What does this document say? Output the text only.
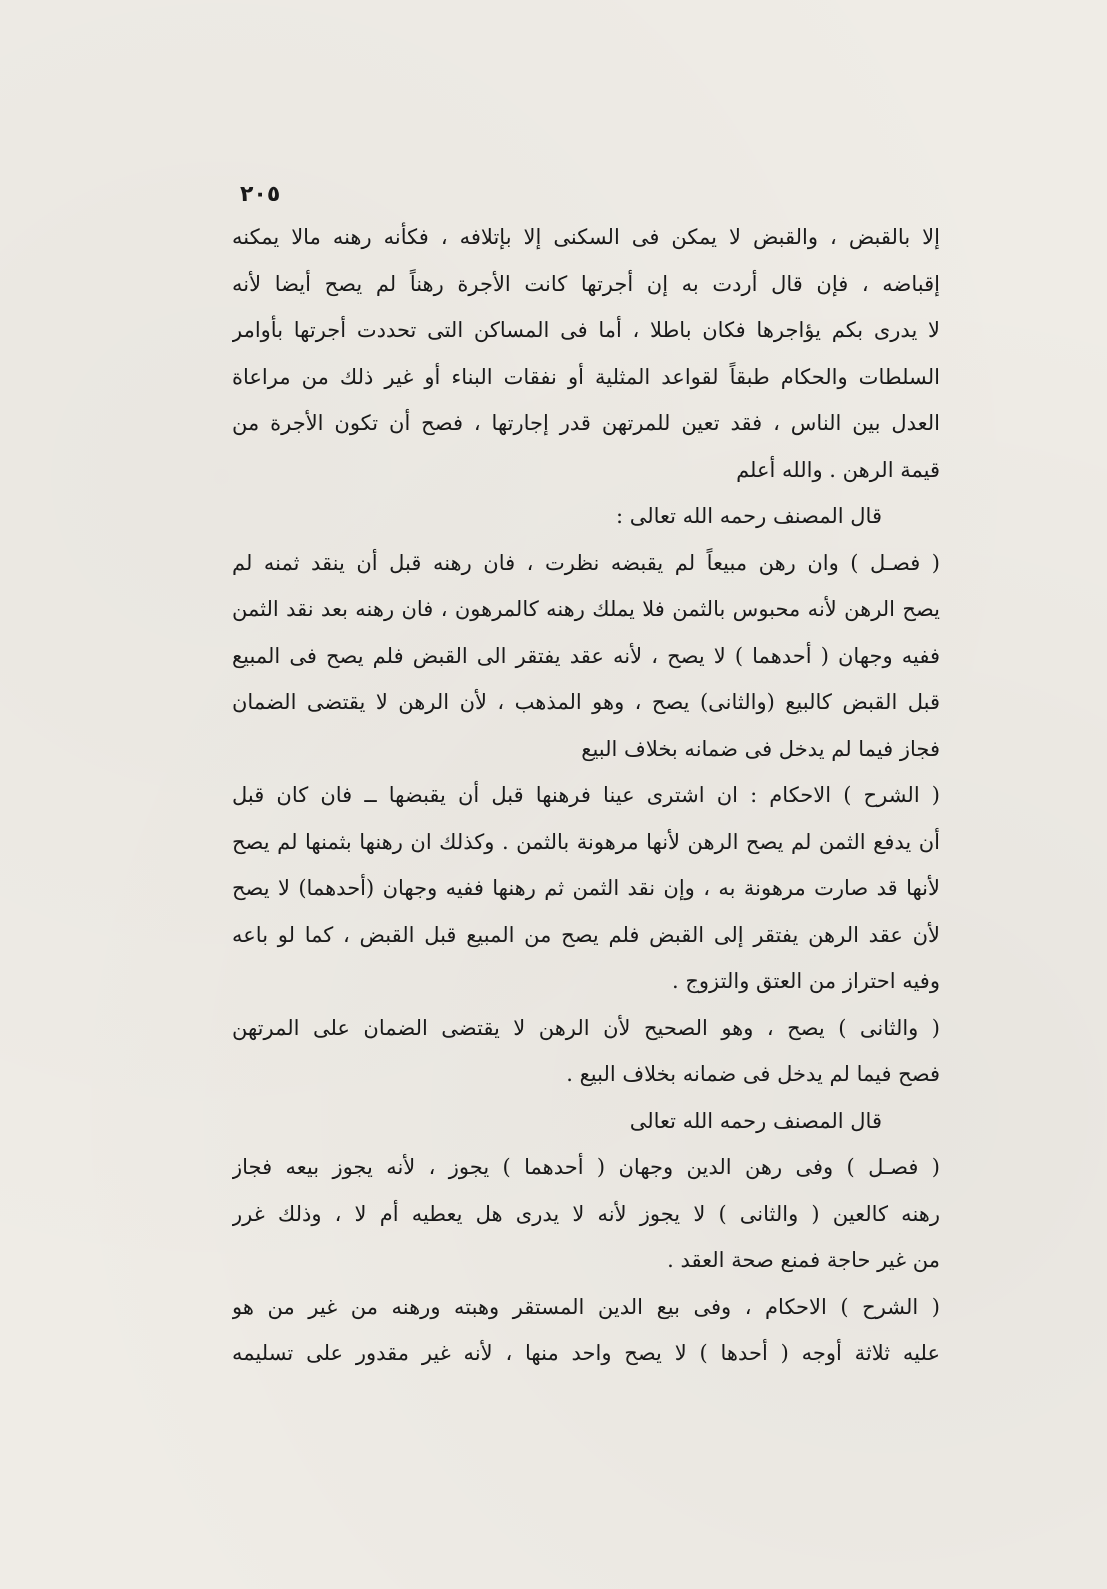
٢٠٥
إلا بالقبض ، والقبض لا يمكن فى السكنى إلا بإتلافه ، فكأنه رهنه مالا يمكنه
إقباضه ، فإن قال أردت به إن أجرتها كانت الأجرة رهناً لم يصح أيضا لأنه
لا يدرى بكم يؤاجرها فكان باطلا ، أما فى المساكن التى تحددت أجرتها بأوامر
السلطات والحكام طبقاً لقواعد المثلية أو نفقات البناء أو غير ذلك من مراعاة
العدل بين الناس ، فقد تعين للمرتهن قدر إجارتها ، فصح أن تكون الأجرة من
قيمة الرهن . والله أعلم
قال المصنف رحمه الله تعالى :
( فصـل ) وان رهن مبيعاً لم يقبضه نظرت ، فان رهنه قبل أن ينقد ثمنه لم
يصح الرهن لأنه محبوس بالثمن فلا يملك رهنه كالمرهون ، فان رهنه بعد نقد الثمن
ففيه وجهان ( أحدهما ) لا يصح ، لأنه عقد يفتقر الى القبض فلم يصح فى المبيع
قبل القبض كالبيع (والثانى) يصح ، وهو المذهب ، لأن الرهن لا يقتضى الضمان
فجاز فيما لم يدخل فى ضمانه بخلاف البيع
( الشرح ) الاحكام : ان اشترى عينا فرهنها قبل أن يقبضها ــ فان كان قبل
أن يدفع الثمن لم يصح الرهن لأنها مرهونة بالثمن . وكذلك ان رهنها بثمنها لم يصح
لأنها قد صارت مرهونة به ، وإن نقد الثمن ثم رهنها ففيه وجهان (أحدهما) لا يصح
لأن عقد الرهن يفتقر إلى القبض فلم يصح من المبيع قبل القبض ، كما لو باعه
وفيه احتراز من العتق والتزوج .
( والثانى ) يصح ، وهو الصحيح لأن الرهن لا يقتضى الضمان على المرتهن
فصح فيما لم يدخل فى ضمانه بخلاف البيع .
قال المصنف رحمه الله تعالى
( فصـل ) وفى رهن الدين وجهان ( أحدهما ) يجوز ، لأنه يجوز بيعه فجاز
رهنه كالعين ( والثانى ) لا يجوز لأنه لا يدرى هل يعطيه أم لا ، وذلك غرر
من غير حاجة فمنع صحة العقد .
( الشرح ) الاحكام ، وفى بيع الدين المستقر وهبته ورهنه من غير من هو
عليه ثلاثة أوجه ( أحدها ) لا يصح واحد منها ، لأنه غير مقدور على تسليمه
